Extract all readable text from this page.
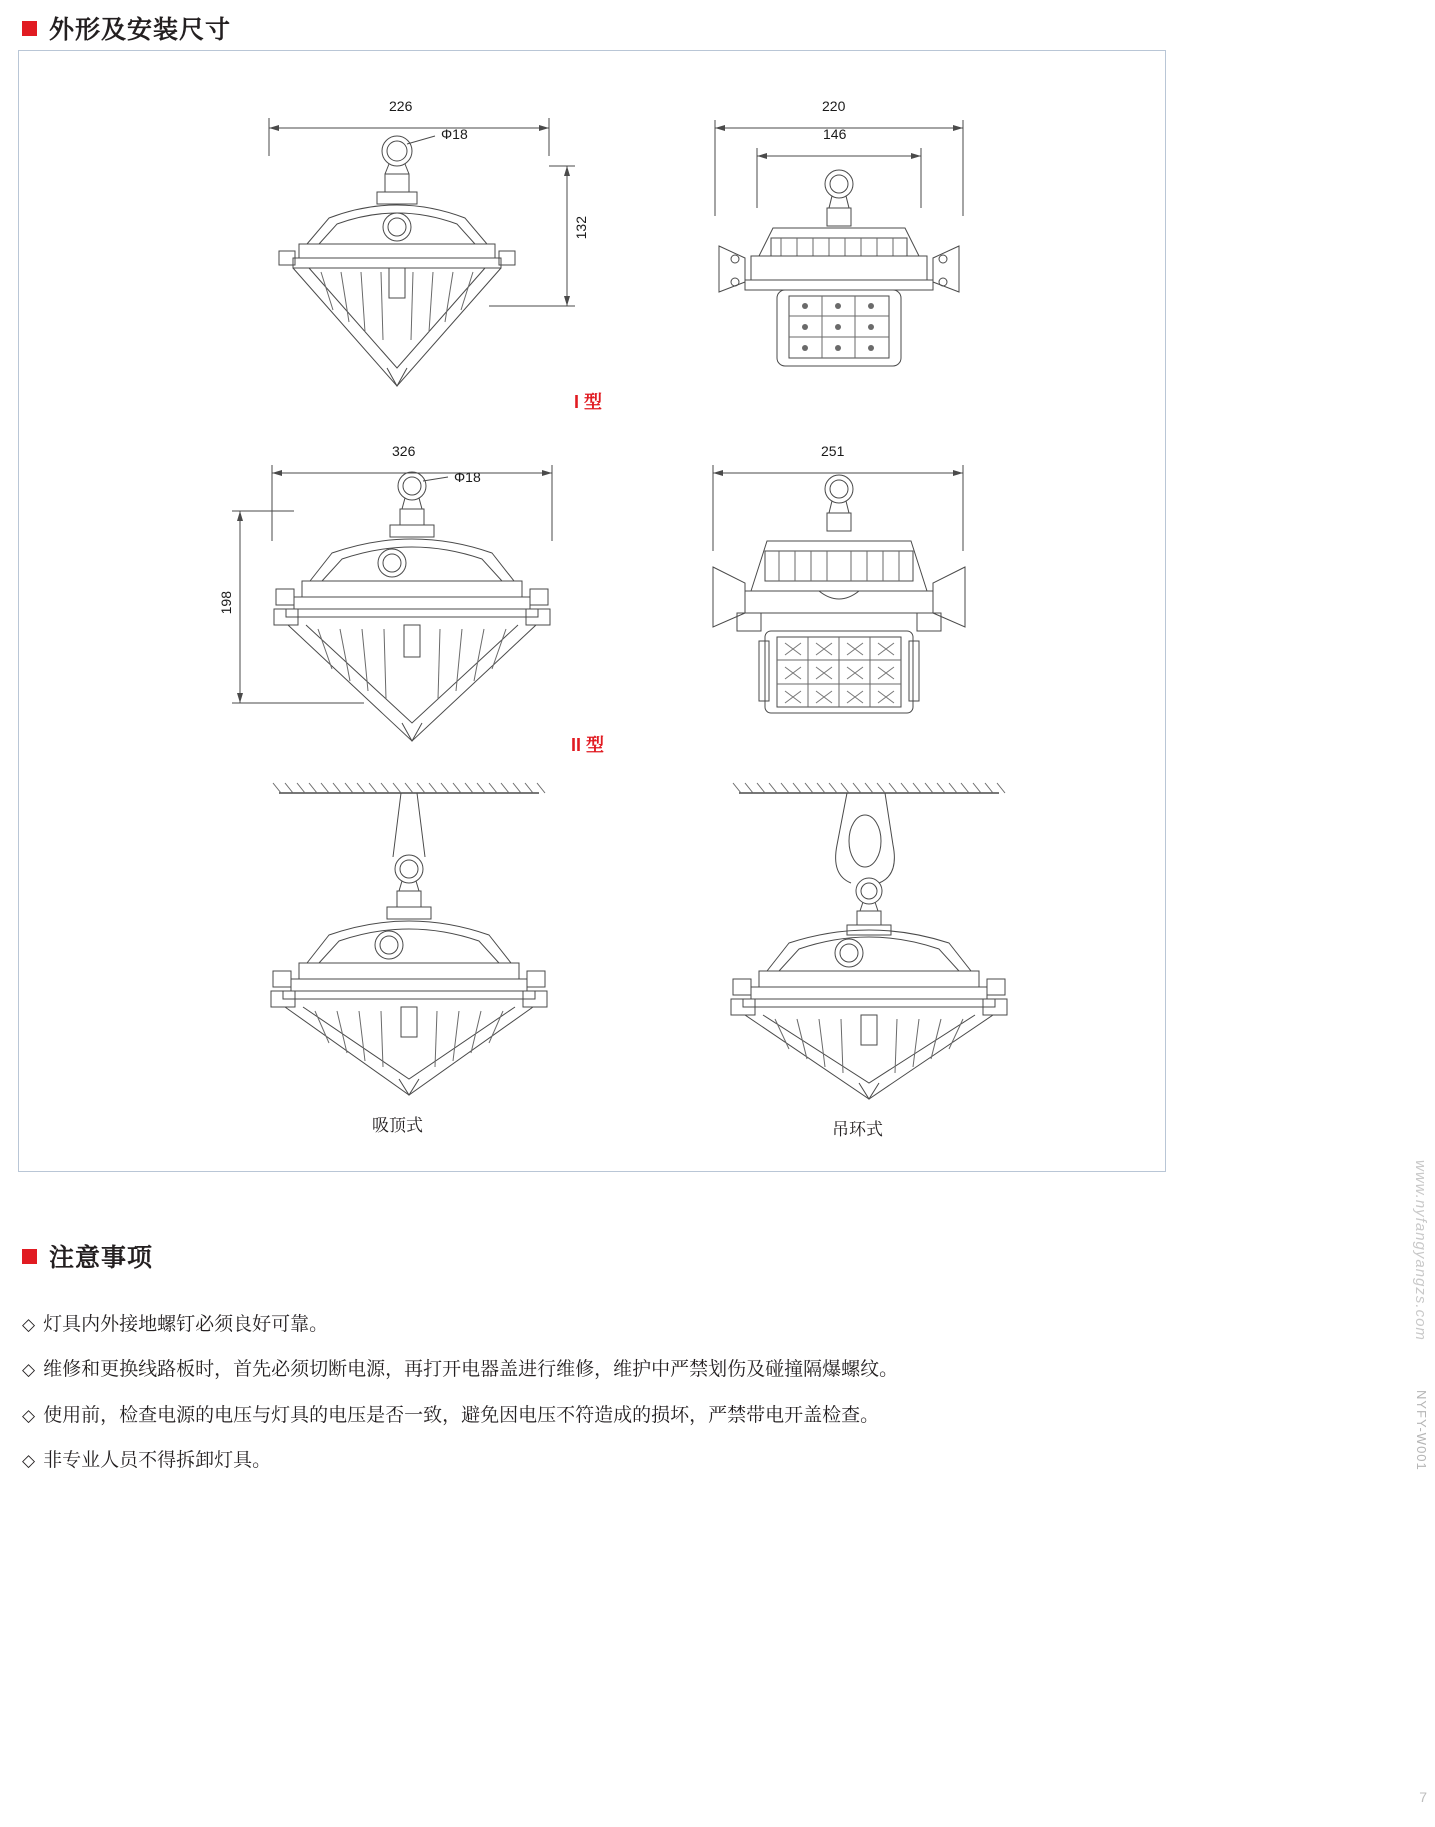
外形及安装尺寸
226
Φ18
132
220
146
I 型
326
Φ18
198
251
II 型
吸顶式	吊环式
注意事项
◇ 灯具内外接地螺钉必须良好可靠。
◇ 维修和更换线路板时，首先必须切断电源，再打开电器盖进行维修，维护中严禁划伤及碰撞隔爆螺纹。
◇ 使用前，检查电源的电压与灯具的电压是否一致，避免因电压不符造成的损坏，严禁带电开盖检查。
◇ 非专业人员不得拆卸灯具。
www.nyfangyangzs.com
NYFY-W001
7
